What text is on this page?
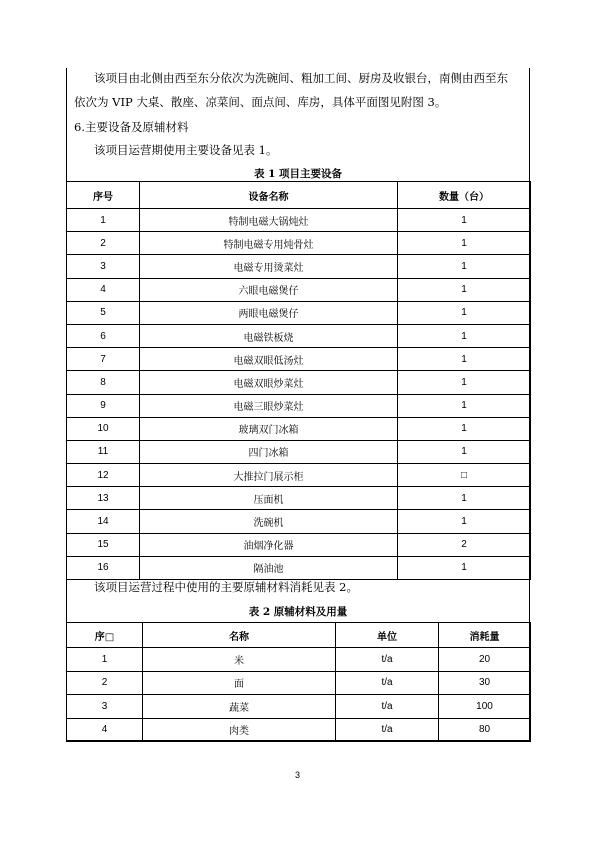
该项目由北侧由西至东分依次为洗碗间、粗加工间、厨房及收银台，南侧由西至东
依次为 VIP 大桌、散座、凉菜间、面点间、库房，具体平面图见附图 3。
6.主要设备及原辅材料
该项目运营期使用主要设备见表 1。
表 1 项目主要设备
序号	设备名称	数量（台）
1	特制电磁大锅炖灶	1
2	特制电磁专用炖骨灶	1
3	电磁专用烫菜灶	1
4	六眼电磁煲仔	1
5	两眼电磁煲仔	1
6	电磁铁板烧	1
7	电磁双眼低汤灶	1
8	电磁双眼炒菜灶	1
9	电磁三眼炒菜灶	1
10	玻璃双门冰箱	1
11	四门冰箱	1
12	大推拉门展示柜	□
13	压面机	1
14	洗碗机	1
15	油烟净化器	2
16	隔油池	1
该项目运营过程中使用的主要原辅材料消耗见表 2。
表 2 原辅材料及用量
序□	名称	单位	消耗量
1	米	t/a	20
2	面	t/a	30
3	蔬菜	t/a	100
4	肉类	t/a	80
3
